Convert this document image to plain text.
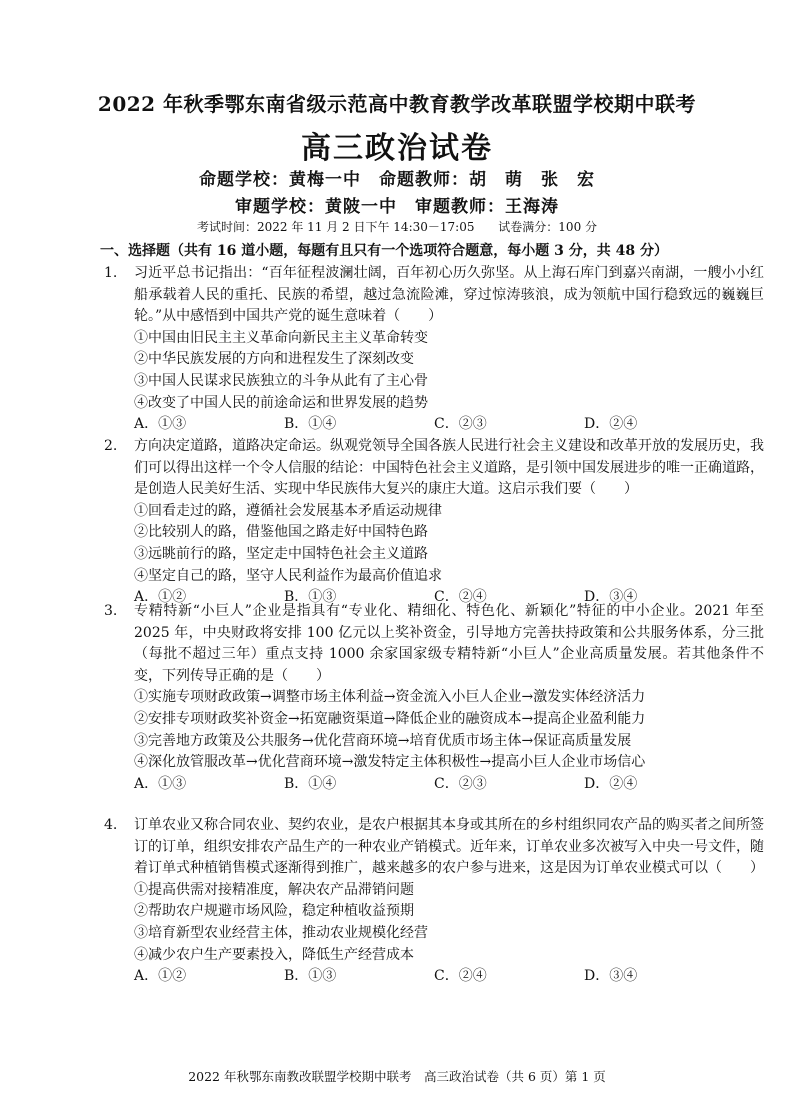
2022 年秋季鄂东南省级示范高中教育教学改革联盟学校期中联考
高三政治试卷
命题学校：黄梅一中　命题教师：胡　萌　张　宏
审题学校：黄陂一中　审题教师：王海涛
考试时间：2022 年 11 月 2 日下午 14:30－17:05 试卷满分：100 分
一、选择题（共有 16 道小题，每题有且只有一个选项符合题意，每小题 3 分，共 48 分）
1. 习近平总书记指出：“百年征程波澜壮阔，百年初心历久弥坚。从上海石库门到嘉兴南湖，一艘小小红船承载着人民的重托、民族的希望，越过急流险滩，穿过惊涛骇浪，成为领航中国行稳致远的巍巍巨轮。”从中感悟到中国共产党的诞生意味着（　　）
①中国由旧民主主义革命向新民主主义革命转变
②中华民族发展的方向和进程发生了深刻改变
③中国人民谋求民族独立的斗争从此有了主心骨
④改变了中国人民的前途命运和世界发展的趋势
A．①③	B．①④	C．②③	D．②④
2. 方向决定道路，道路决定命运。纵观党领导全国各族人民进行社会主义建设和改革开放的发展历史，我们可以得出这样一个令人信服的结论：中国特色社会主义道路，是引领中国发展进步的唯一正确道路，是创造人民美好生活、实现中华民族伟大复兴的康庄大道。这启示我们要（　　）
①回看走过的路，遵循社会发展基本矛盾运动规律
②比较别人的路，借鉴他国之路走好中国特色路
③远眺前行的路，坚定走中国特色社会主义道路
④坚定自己的路，坚守人民利益作为最高价值追求
A．①②	B．①③	C．②④	D．③④
3. 专精特新“小巨人”企业是指具有“专业化、精细化、特色化、新颖化”特征的中小企业。2021 年至 2025 年，中央财政将安排 100 亿元以上奖补资金，引导地方完善扶持政策和公共服务体系，分三批（每批不超过三年）重点支持 1000 余家国家级专精特新“小巨人”企业高质量发展。若其他条件不变，下列传导正确的是（　　）
①实施专项财政政策→调整市场主体利益→资金流入小巨人企业→激发实体经济活力
②安排专项财政奖补资金→拓宽融资渠道→降低企业的融资成本→提高企业盈利能力
③完善地方政策及公共服务→优化营商环境→培育优质市场主体→保证高质量发展
④深化放管服改革→优化营商环境→激发特定主体积极性→提高小巨人企业市场信心
A．①③	B．①④	C．②③	D．②④
4. 订单农业又称合同农业、契约农业，是农户根据其本身或其所在的乡村组织同农产品的购买者之间所签订的订单，组织安排农产品生产的一种农业产销模式。近年来，订单农业多次被写入中央一号文件，随着订单式种植销售模式逐渐得到推广，越来越多的农户参与进来，这是因为订单农业模式可以（　　）
①提高供需对接精准度，解决农产品滞销问题
②帮助农户规避市场风险，稳定种植收益预期
③培育新型农业经营主体，推动农业规模化经营
④减少农户生产要素投入，降低生产经营成本
A．①②	B．①③	C．②④	D．③④
2022 年秋鄂东南教改联盟学校期中联考　高三政治试卷（共 6 页）第 1 页
